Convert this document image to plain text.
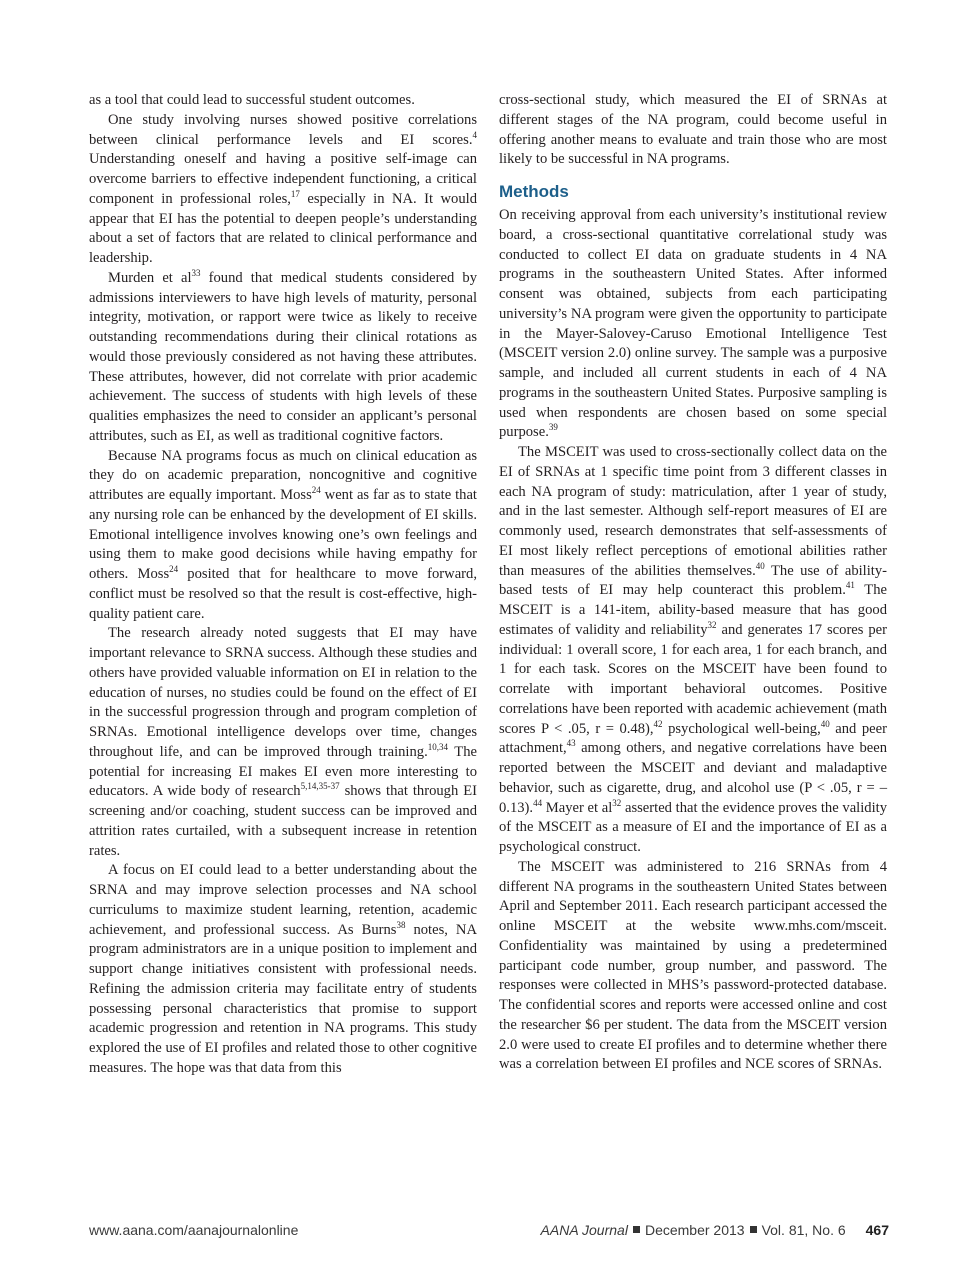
as a tool that could lead to successful student outcomes.

One study involving nurses showed positive correlations between clinical performance levels and EI scores.$^4$ Understanding oneself and having a positive self-image can overcome barriers to effective independent functioning, a critical component in professional roles,$^{17}$ especially in NA. It would appear that EI has the potential to deepen people’s understanding about a set of factors that are related to clinical performance and leadership.

Murden et $al^{33}$ found that medical students considered by admissions interviewers to have high levels of maturity, personal integrity, motivation, or rapport were twice as likely to receive outstanding recommendations during their clinical rotations as would those previously considered as not having these attributes. These attributes, however, did not correlate with prior academic achievement. The success of students with high levels of these qualities emphasizes the need to consider an applicant’s personal attributes, such as EI, as well as traditional cognitive factors.

Because NA programs focus as much on clinical education as they do on academic preparation, noncognitive and cognitive attributes are equally important. Moss$^{24}$ went as far as to state that any nursing role can be enhanced by the development of EI skills. Emotional intelligence involves knowing one’s own feelings and using them to make good decisions while having empathy for others. Moss$^{24}$ posited that for healthcare to move forward, conflict must be resolved so that the result is cost-effective, high-quality patient care.

The research already noted suggests that EI may have important relevance to SRNA success. Although these studies and others have provided valuable information on EI in relation to the education of nurses, no studies could be found on the effect of EI in the successful progression through and program completion of SRNAs. Emotional intelligence develops over time, changes throughout life, and can be improved through training.$^{10,34}$ The potential for increasing EI makes EI even more interesting to educators. A wide body of research$^{5,14,35-37}$ shows that through EI screening and/or coaching, student success can be improved and attrition rates curtailed, with a subsequent increase in retention rates.

A focus on EI could lead to a better understanding about the SRNA and may improve selection processes and NA school curriculums to maximize student learning, retention, academic achievement, and professional success. As Burns$^{38}$ notes, NA program administrators are in a unique position to implement and support change initiatives consistent with professional needs. Refining the admission criteria may facilitate entry of students possessing personal characteristics that promise to support academic progression and retention in NA programs. This study explored the use of EI profiles and related those to other cognitive measures. The hope was that data from this

cross-sectional study, which measured the EI of SRNAs at different stages of the NA program, could become useful in offering another means to evaluate and train those who are most likely to be successful in NA programs.

Methods

On receiving approval from each university’s institutional review board, a cross-sectional quantitative correlational study was conducted to collect EI data on graduate students in 4 NA programs in the southeastern United States. After informed consent was obtained, subjects from each participating university’s NA program were given the opportunity to participate in the Mayer-Salovey-Caruso Emotional Intelligence Test (MSCEIT version 2.0) online survey. The sample was a purposive sample, and included all current students in each of 4 NA programs in the southeastern United States. Purposive sampling is used when respondents are chosen based on some special purpose.$^{39}$

The MSCEIT was used to cross-sectionally collect data on the EI of SRNAs at 1 specific time point from 3 different classes in each NA program of study: matriculation, after 1 year of study, and in the last semester. Although self-report measures of EI are commonly used, research demonstrates that self-assessments of EI most likely reflect perceptions of emotional abilities rather than measures of the abilities themselves.$^{40}$ The use of ability-based tests of EI may help counteract this problem.$^{41}$ The MSCEIT is a 141-item, ability-based measure that has good estimates of validity and reliability$^{32}$ and generates 17 scores per individual: 1 overall score, 1 for each area, 1 for each branch, and 1 for each task. Scores on the MSCEIT have been found to correlate with important behavioral outcomes. Positive correlations have been reported with academic achievement (math scores P < .05, r = 0.48),$^{42}$ psychological well-being,$^{40}$ and peer attachment,$^{43}$ among others, and negative correlations have been reported between the MSCEIT and deviant and maladaptive behavior, such as cigarette, drug, and alcohol use (P < .05, r = –0.13).$^{44}$ Mayer et $al^{32}$ asserted that the evidence proves the validity of the MSCEIT as a measure of EI and the importance of EI as a psychological construct.

The MSCEIT was administered to 216 SRNAs from 4 different NA programs in the southeastern United States between April and September 2011. Each research participant accessed the online MSCEIT at the website www.mhs.com/msceit. Confidentiality was maintained by using a predetermined participant code number, group number, and password. The responses were collected in MHS’s password-protected database. The confidential scores and reports were accessed online and cost the researcher $6 per student. The data from the MSCEIT version 2.0 were used to create EI profiles and to determine whether there was a correlation between EI profiles and NCE scores of SRNAs.

www.aana.com/aanajournalonline	AANA Journal December 2013 Vol. 81, No. 6 467
